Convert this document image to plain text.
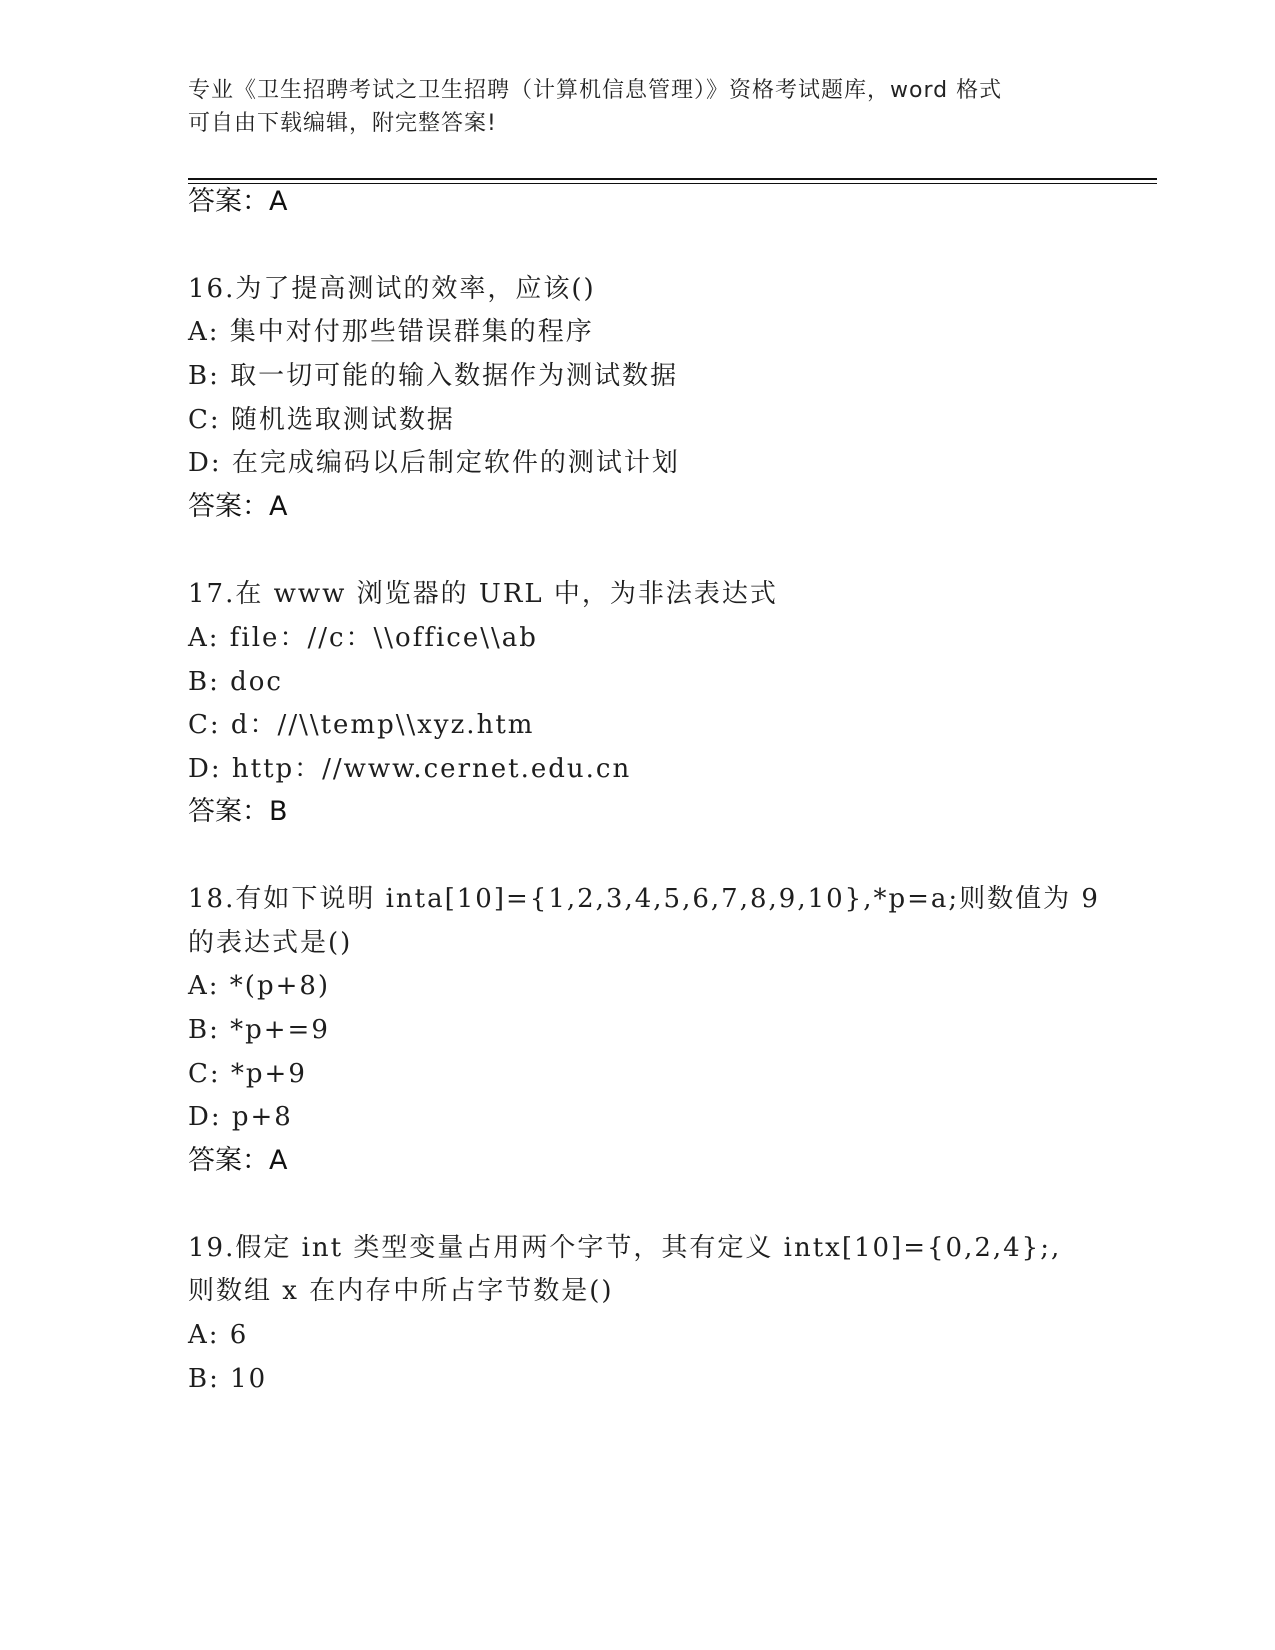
专业《卫生招聘考试之卫生招聘（计算机信息管理）》资格考试题库，word 格式
可自由下载编辑，附完整答案!
答案：A
16.为了提高测试的效率，应该()
A: 集中对付那些错误群集的程序
B: 取一切可能的输入数据作为测试数据
C: 随机选取测试数据
D: 在完成编码以后制定软件的测试计划
答案：A
17.在 www 浏览器的 URL 中，为非法表达式
A: file：//c：\\office\\ab
B: doc
C: d：//\\temp\\xyz.htm
D: http：//www.cernet.edu.cn
答案：B
18.有如下说明 inta[10]={1,2,3,4,5,6,7,8,9,10},*p=a;则数值为 9
的表达式是()
A: *(p+8)
B: *p+=9
C: *p+9
D: p+8
答案：A
19.假定 int 类型变量占用两个字节，其有定义 intx[10]={0,2,4};,
则数组 x 在内存中所占字节数是()
A: 6
B: 10
